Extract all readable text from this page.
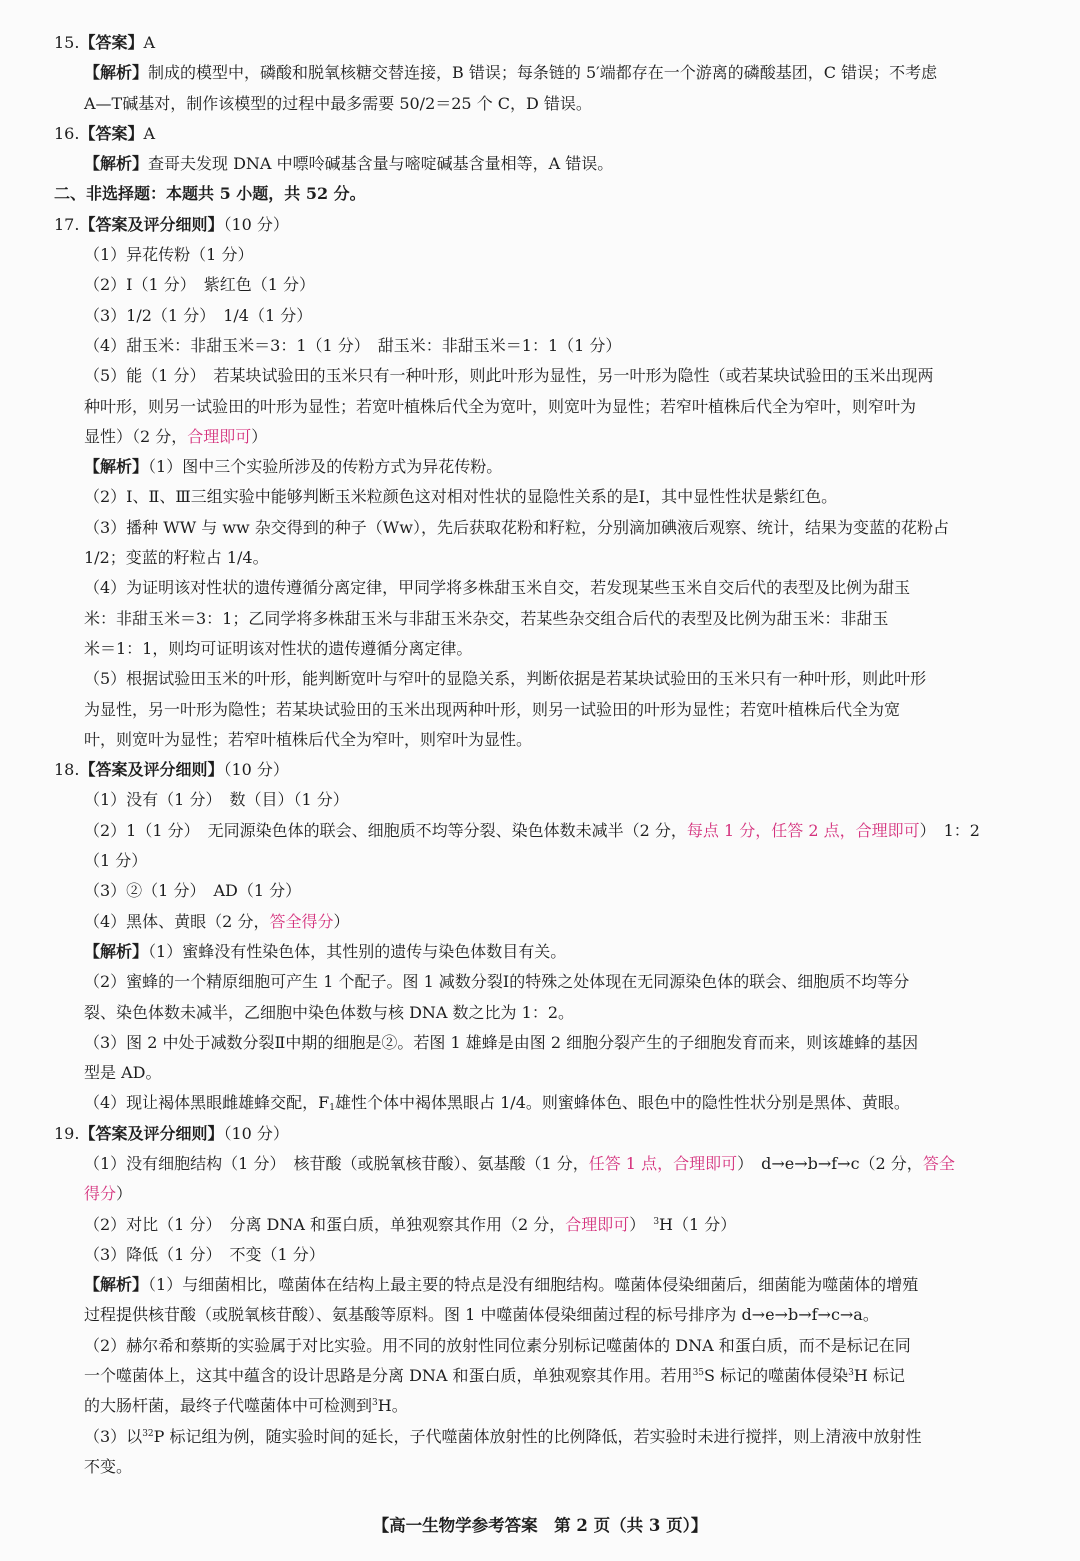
15.【答案】A
【解析】制成的模型中，磷酸和脱氧核糖交替连接，B 错误；每条链的 5′端都存在一个游离的磷酸基团，C 错误；不考虑
A—T碱基对，制作该模型的过程中最多需要 50/2＝25 个 C，D 错误。
16.【答案】A
【解析】查哥夫发现 DNA 中嘌呤碱基含量与嘧啶碱基含量相等，A 错误。
二、非选择题：本题共 5 小题，共 52 分。
17.【答案及评分细则】（10 分）
（1）异花传粉（1 分）
（2）Ⅰ（1 分）　紫红色（1 分）
（3）1/2（1 分）　1/4（1 分）
（4）甜玉米：非甜玉米＝3：1（1 分）　甜玉米：非甜玉米＝1：1（1 分）
（5）能（1 分）　若某块试验田的玉米只有一种叶形，则此叶形为显性，另一叶形为隐性（或若某块试验田的玉米出现两
种叶形，则另一试验田的叶形为显性；若宽叶植株后代全为宽叶，则宽叶为显性；若窄叶植株后代全为窄叶，则窄叶为
显性）（2 分，合理即可）
【解析】（1）图中三个实验所涉及的传粉方式为异花传粉。
（2）Ⅰ、Ⅱ、Ⅲ三组实验中能够判断玉米粒颜色这对相对性状的显隐性关系的是Ⅰ，其中显性性状是紫红色。
（3）播种 WW 与 ww 杂交得到的种子（Ww），先后获取花粉和籽粒，分别滴加碘液后观察、统计，结果为变蓝的花粉占
1/2；变蓝的籽粒占 1/4。
（4）为证明该对性状的遗传遵循分离定律，甲同学将多株甜玉米自交，若发现某些玉米自交后代的表型及比例为甜玉
米：非甜玉米＝3：1；乙同学将多株甜玉米与非甜玉米杂交，若某些杂交组合后代的表型及比例为甜玉米：非甜玉
米＝1：1，则均可证明该对性状的遗传遵循分离定律。
（5）根据试验田玉米的叶形，能判断宽叶与窄叶的显隐关系，判断依据是若某块试验田的玉米只有一种叶形，则此叶形
为显性，另一叶形为隐性；若某块试验田的玉米出现两种叶形，则另一试验田的叶形为显性；若宽叶植株后代全为宽
叶，则宽叶为显性；若窄叶植株后代全为窄叶，则窄叶为显性。
18.【答案及评分细则】（10 分）
（1）没有（1 分）　数（目）（1 分）
（2）1（1 分）　无同源染色体的联会、细胞质不均等分裂、染色体数未减半（2 分，每点 1 分，任答 2 点，合理即可）　1：2
（1 分）
（3）②（1 分）　AD（1 分）
（4）黑体、黄眼（2 分，答全得分）
【解析】（1）蜜蜂没有性染色体，其性别的遗传与染色体数目有关。
（2）蜜蜂的一个精原细胞可产生 1 个配子。图 1 减数分裂Ⅰ的特殊之处体现在无同源染色体的联会、细胞质不均等分
裂、染色体数未减半，乙细胞中染色体数与核 DNA 数之比为 1：2。
（3）图 2 中处于减数分裂Ⅱ中期的细胞是②。若图 1 雄蜂是由图 2 细胞分裂产生的子细胞发育而来，则该雄蜂的基因
型是 AD。
（4）现让褐体黑眼雌雄蜂交配，$F_1$雄性个体中褐体黑眼占 1/4。则蜜蜂体色、眼色中的隐性性状分别是黑体、黄眼。
19.【答案及评分细则】（10 分）
（1）没有细胞结构（1 分）　核苷酸（或脱氧核苷酸）、氨基酸（1 分，任答 1 点，合理即可）　d→e→b→f→c（2 分，答全
得分）
（2）对比（1 分）　分离 DNA 和蛋白质，单独观察其作用（2 分，合理即可）　$^3$H（1 分）
（3）降低（1 分）　不变（1 分）
【解析】（1）与细菌相比，噬菌体在结构上最主要的特点是没有细胞结构。噬菌体侵染细菌后，细菌能为噬菌体的增殖
过程提供核苷酸（或脱氧核苷酸）、氨基酸等原料。图 1 中噬菌体侵染细菌过程的标号排序为 d→e→b→f→c→a。
（2）赫尔希和蔡斯的实验属于对比实验。用不同的放射性同位素分别标记噬菌体的 DNA 和蛋白质，而不是标记在同
一个噬菌体上，这其中蕴含的设计思路是分离 DNA 和蛋白质，单独观察其作用。若用$^{35}$S 标记的噬菌体侵染$^3$H 标记
的大肠杆菌，最终子代噬菌体中可检测到$^3$H。
（3）以$^{32}$P 标记组为例，随实验时间的延长，子代噬菌体放射性的比例降低，若实验时未进行搅拌，则上清液中放射性
不变。
【高一生物学参考答案　第 2 页（共 3 页）】
